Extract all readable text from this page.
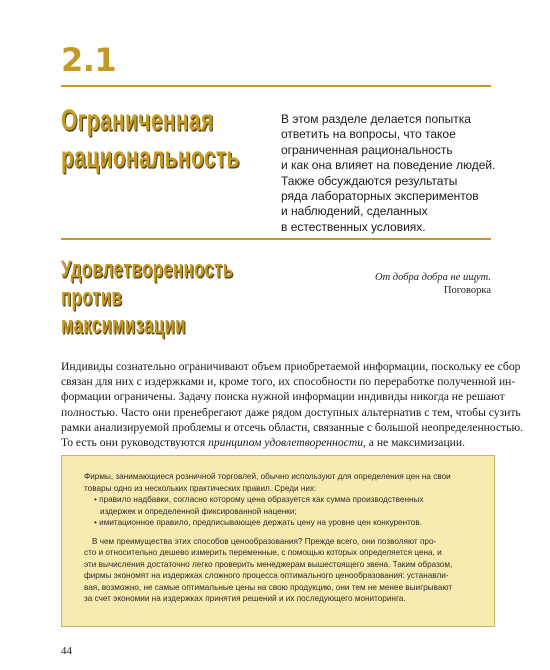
2.1
Ограниченная
рациональность
В этом разделе делается попытка
ответить на вопросы, что такое
ограниченная рациональность
и как она влияет на поведение людей.
Также обсуждаются результаты
ряда лабораторных экспериментов
и наблюдений, сделанных
в естественных условиях.
Удовлетворенность
против
максимизации
От добра добра не ищут.
Поговорка
Индивиды сознательно ограничивают объем приобретаемой информации, поскольку ее сбор
связан для них с издержками и, кроме того, их способности по переработке полученной ин-
формации ограничены. Задачу поиска нужной информации индивиды никогда не решают
полностью. Часто они пренебрегают даже рядом доступных альтернатив с тем, чтобы сузить
рамки анализируемой проблемы и отсечь области, связанные с большой неопределенностью.
То есть они руководствуются принципом удовлетворенности, а не максимизации.
Фирмы, занимающиеся розничной торговлей, обычно используют для определения цен на свои
товары одно из нескольких практических правил. Среди них:
• правило надбавки, согласно которому цена образуется как сумма производственных
издержек и определенной фиксированной наценки;
• имитационное правило, предписывающее держать цену на уровне цен конкурентов.
В чем преимущества этих способов ценообразования? Прежде всего, они позволяют про-
сто и относительно дешево измерить переменные, с помощью которых определяется цена, и
эти вычисления достаточно легко проверить менеджерам вышестоящего звена. Таким образом,
фирмы экономят на издержках сложного процесса оптимального ценообразования: устанавли-
вая, возможно, не самые оптимальные цены на свою продукцию, они тем не менее выигрывают
за счет экономии на издержках принятия решений и их последующего мониторинга.
44
